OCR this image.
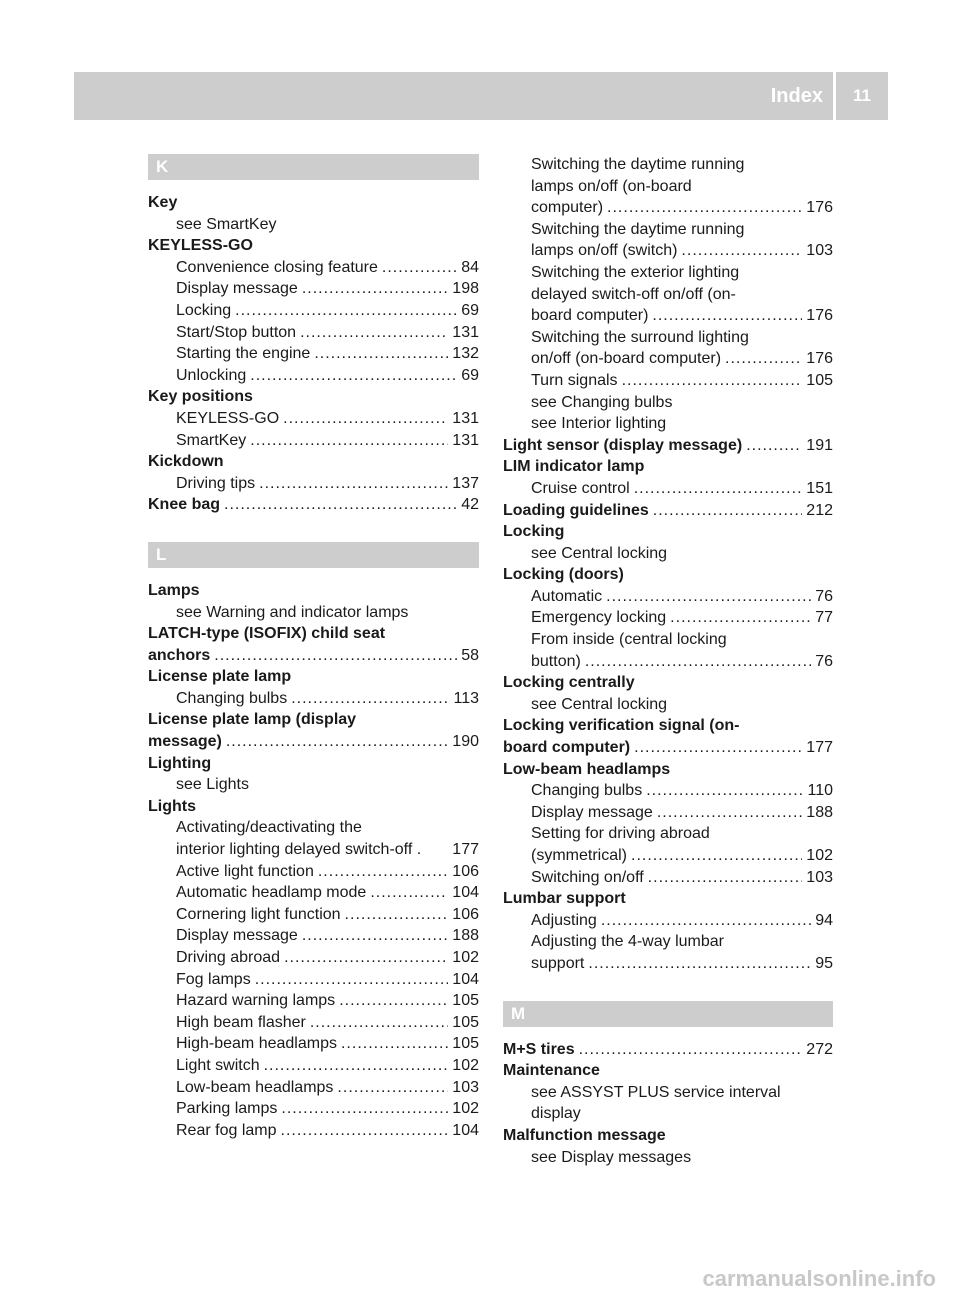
Index	11
K
Key
see SmartKey
KEYLESS-GO
Convenience closing feature .....	84
Display message .....	198
Locking .....	69
Start/Stop button .....	131
Starting the engine .....	132
Unlocking .....	69
Key positions
KEYLESS-GO .....	131
SmartKey .....	131
Kickdown
Driving tips .....	137
Knee bag .....	42
L
Lamps
see Warning and indicator lamps
LATCH-type (ISOFIX) child seat
anchors .....	58
License plate lamp
Changing bulbs .....	113
License plate lamp (display
message) .....	190
Lighting
see Lights
Lights
Activating/deactivating the
interior lighting delayed switch-off . 177
Active light function .....	106
Automatic headlamp mode .....	104
Cornering light function .....	106
Display message .....	188
Driving abroad .....	102
Fog lamps .....	104
Hazard warning lamps .....	105
High beam flasher .....	105
High-beam headlamps .....	105
Light switch .....	102
Low-beam headlamps .....	103
Parking lamps .....	102
Rear fog lamp .....	104
Switching the daytime running
lamps on/off (on-board
computer) .....	176
Switching the daytime running
lamps on/off (switch) .....	103
Switching the exterior lighting
delayed switch-off on/off (on-
board computer) .....	176
Switching the surround lighting
on/off (on-board computer) .....	176
Turn signals .....	105
see Changing bulbs
see Interior lighting
Light sensor (display message) .....	191
LIM indicator lamp
Cruise control .....	151
Loading guidelines .....	212
Locking
see Central locking
Locking (doors)
Automatic .....	76
Emergency locking .....	77
From inside (central locking
button) .....	76
Locking centrally
see Central locking
Locking verification signal (on-
board computer) .....	177
Low-beam headlamps
Changing bulbs .....	110
Display message .....	188
Setting for driving abroad
(symmetrical) .....	102
Switching on/off .....	103
Lumbar support
Adjusting .....	94
Adjusting the 4-way lumbar
support .....	95
M
M+S tires .....	272
Maintenance
see ASSYST PLUS service interval
display
Malfunction message
see Display messages
carmanualsonline.info
